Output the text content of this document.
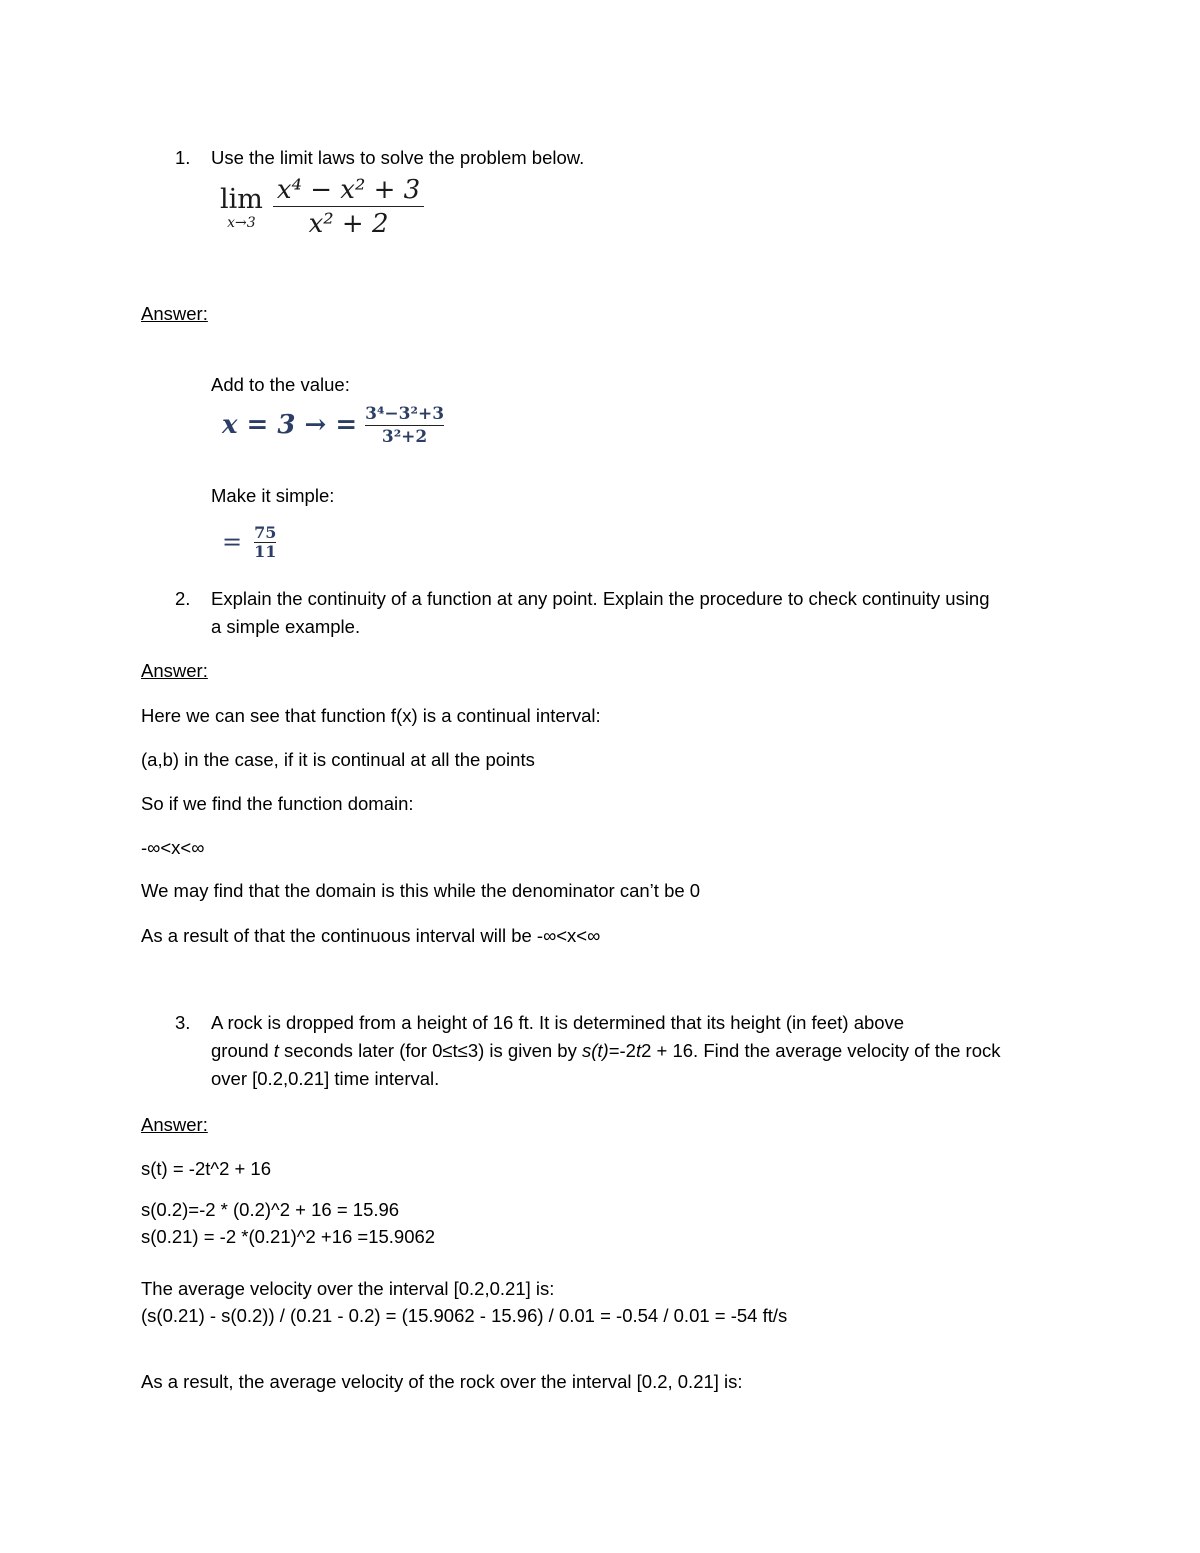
1. Use the limit laws to solve the problem below.
lim
$x\to 3 \frac{\text{x⁴ − x² + 3}}{\text{x² + 2}}$
Answer:
Add to the value:
x = 3 → = $\frac{\text{3⁴−3²+3}}{\text{3²+2}}$
Make it simple:
= $\frac{75}{11}$
2. Explain the continuity of a function at any point. Explain the procedure to check continuity using
a simple example.
Answer:
Here we can see that function f(x) is a continual interval:
(a,b) in the case, if it is continual at all the points
So if we find the function domain:
-∞<x<∞
We may find that the domain is this while the denominator can’t be 0
As a result of that the continuous interval will be -∞<x<∞
3. A rock is dropped from a height of 16 ft. It is determined that its height (in feet) above
ground t seconds later (for 0≤t≤3) is given by s(t)=-2t2 + 16. Find the average velocity of the rock
over [0.2,0.21] time interval.
Answer:
s(t) = -2t^2 + 16
s(0.2)=-2 * (0.2)^2 + 16 = 15.96
s(0.21) = -2 *(0.21)^2 +16 =15.9062
The average velocity over the interval [0.2,0.21] is:
(s(0.21) - s(0.2)) / (0.21 - 0.2) = (15.9062 - 15.96) / 0.01 = -0.54 / 0.01 = -54 ft/s
As a result, the average velocity of the rock over the interval [0.2, 0.21] is:
